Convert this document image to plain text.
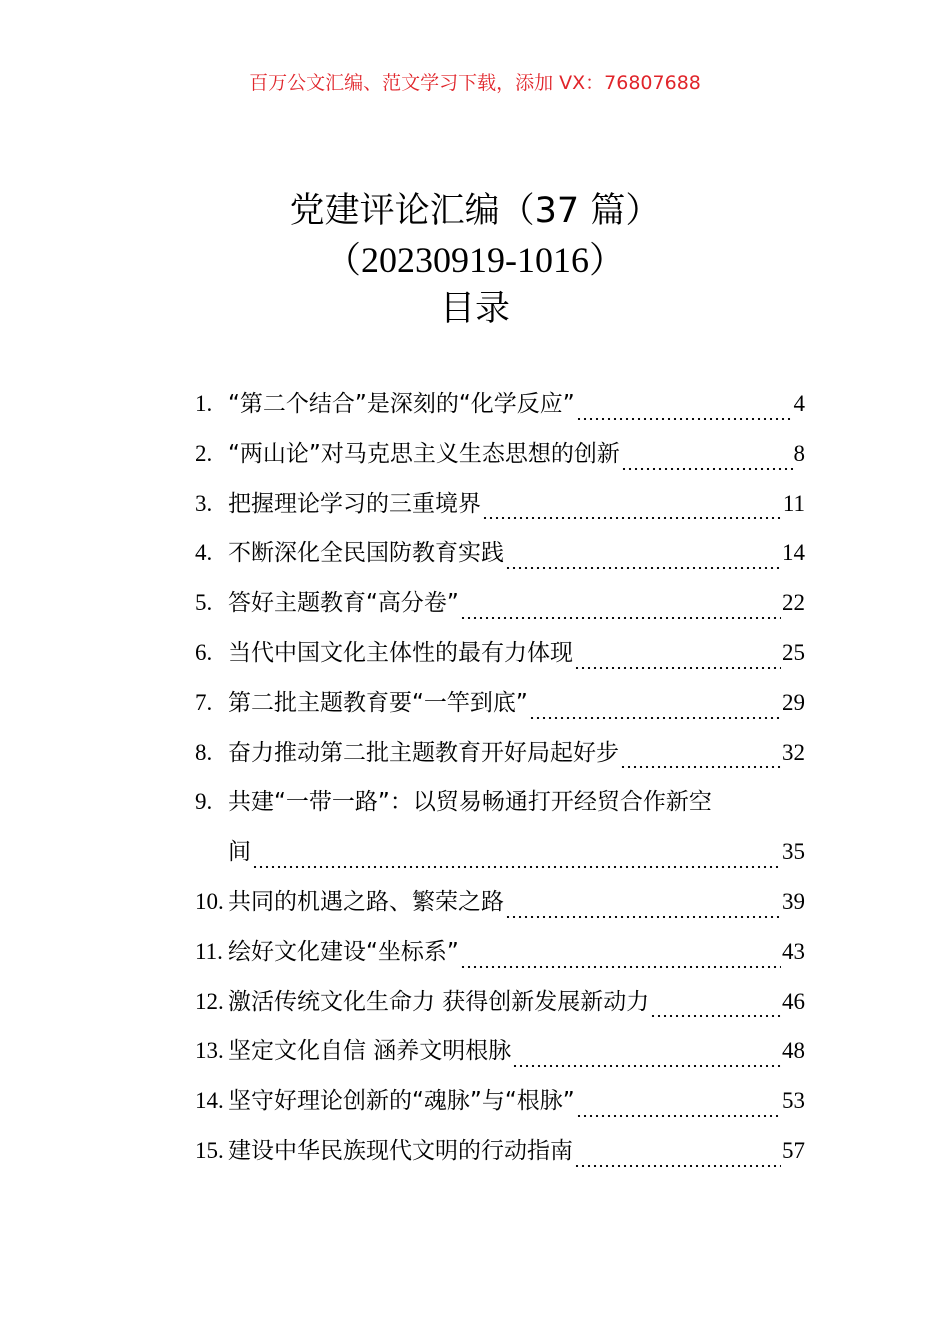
百万公文汇编、范文学习下载，添加 VX：76807688
党建评论汇编（37 篇）
（20230919-1016）
目录
1. “第二个结合”是深刻的“化学反应”	4
2. “两山论”对马克思主义生态思想的创新	8
3. 把握理论学习的三重境界	11
4. 不断深化全民国防教育实践	14
5. 答好主题教育“高分卷”	22
6. 当代中国文化主体性的最有力体现	25
7. 第二批主题教育要“一竿到底”	29
8. 奋力推动第二批主题教育开好局起好步	32
9. 共建“一带一路”：以贸易畅通打开经贸合作新空
间	35
10. 共同的机遇之路、繁荣之路	39
11. 绘好文化建设“坐标系”	43
12. 激活传统文化生命力 获得创新发展新动力	46
13. 坚定文化自信 涵养文明根脉	48
14. 坚守好理论创新的“魂脉”与“根脉”	53
15. 建设中华民族现代文明的行动指南	57
